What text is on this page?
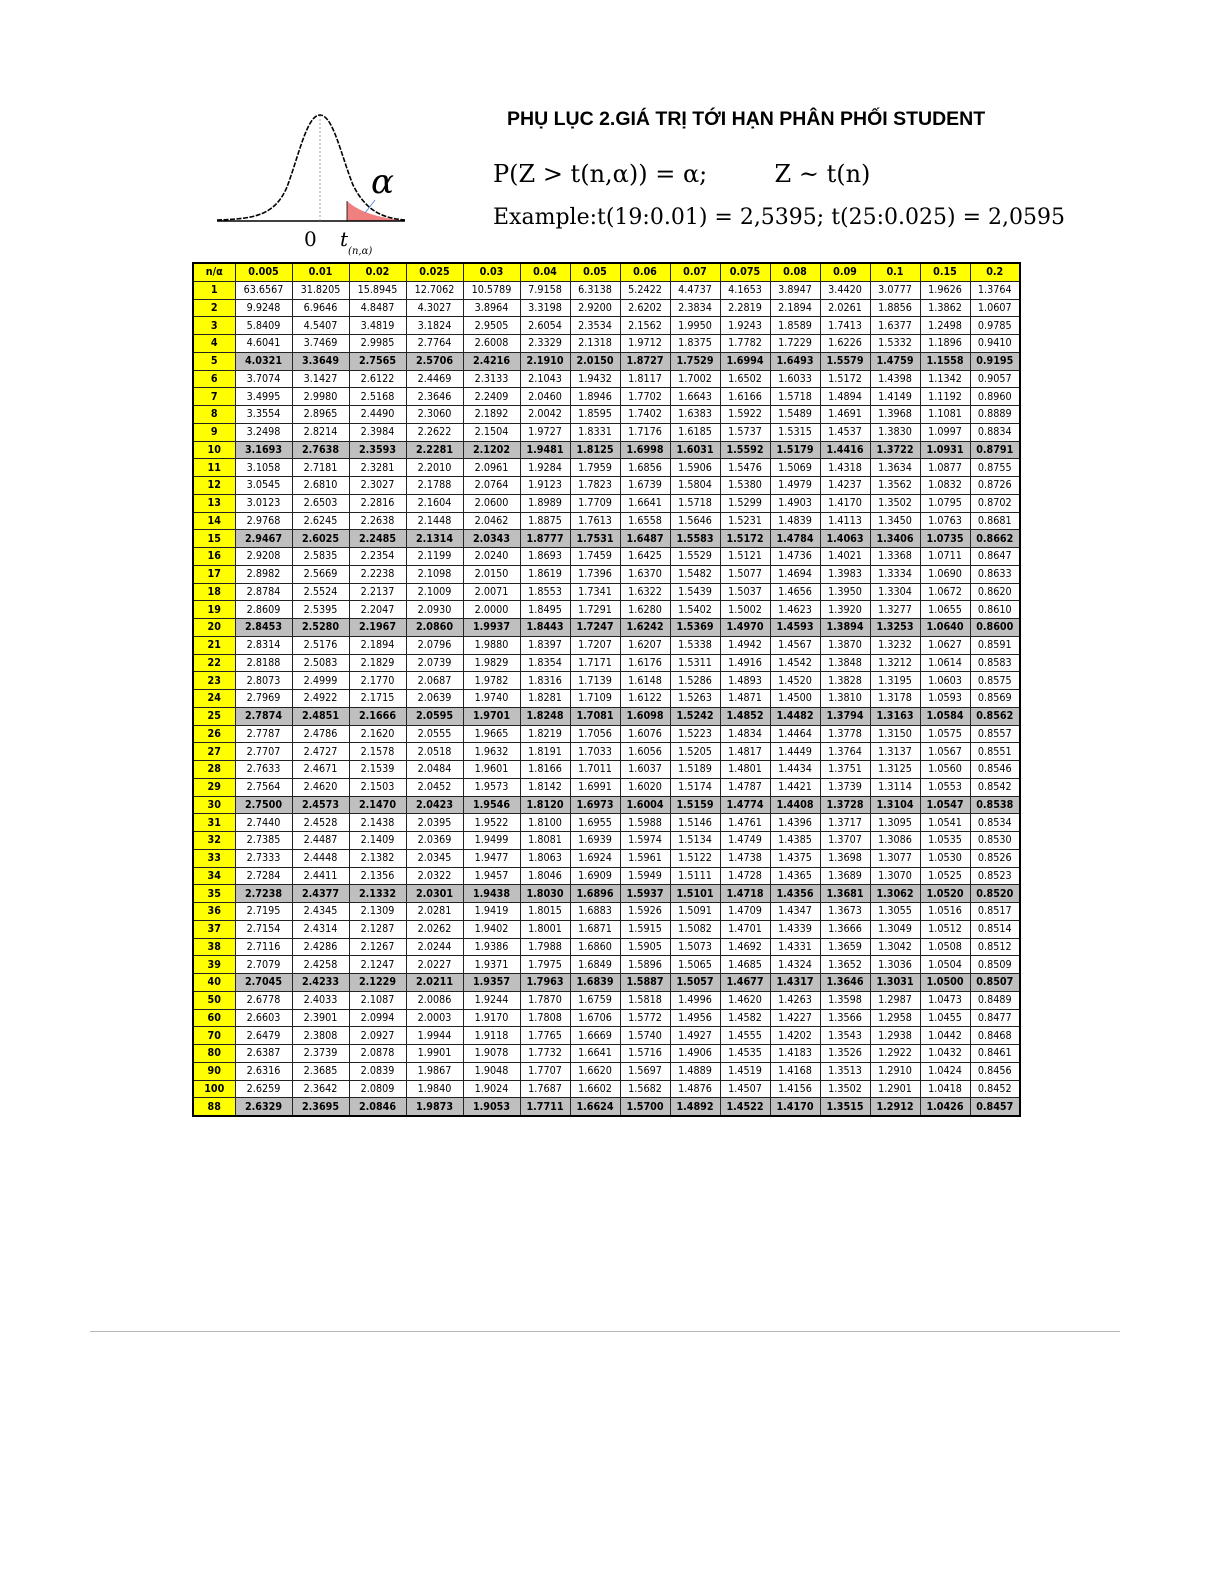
α
0 $t_{(n,\alpha)}$
PHỤ LỤC 2.GIÁ TRỊ TỚI HẠN PHÂN PHỐI STUDENT
P(Z > t(n,α)) = α;	Z ~ t(n)
Example:t(19:0.01) = 2,5395; t(25:0.025) = 2,0595
n/α	0.005	0.01	0.02	0.025	0.03	0.04	0.05	0.06	0.07	0.075	0.08	0.09	0.1	0.15	0.2
1	63.6567	31.8205	15.8945	12.7062	10.5789	7.9158	6.3138	5.2422	4.4737	4.1653	3.8947	3.4420	3.0777	1.9626	1.3764
2	9.9248	6.9646	4.8487	4.3027	3.8964	3.3198	2.9200	2.6202	2.3834	2.2819	2.1894	2.0261	1.8856	1.3862	1.0607
3	5.8409	4.5407	3.4819	3.1824	2.9505	2.6054	2.3534	2.1562	1.9950	1.9243	1.8589	1.7413	1.6377	1.2498	0.9785
4	4.6041	3.7469	2.9985	2.7764	2.6008	2.3329	2.1318	1.9712	1.8375	1.7782	1.7229	1.6226	1.5332	1.1896	0.9410
5	4.0321	3.3649	2.7565	2.5706	2.4216	2.1910	2.0150	1.8727	1.7529	1.6994	1.6493	1.5579	1.4759	1.1558	0.9195
6	3.7074	3.1427	2.6122	2.4469	2.3133	2.1043	1.9432	1.8117	1.7002	1.6502	1.6033	1.5172	1.4398	1.1342	0.9057
7	3.4995	2.9980	2.5168	2.3646	2.2409	2.0460	1.8946	1.7702	1.6643	1.6166	1.5718	1.4894	1.4149	1.1192	0.8960
8	3.3554	2.8965	2.4490	2.3060	2.1892	2.0042	1.8595	1.7402	1.6383	1.5922	1.5489	1.4691	1.3968	1.1081	0.8889
9	3.2498	2.8214	2.3984	2.2622	2.1504	1.9727	1.8331	1.7176	1.6185	1.5737	1.5315	1.4537	1.3830	1.0997	0.8834
10	3.1693	2.7638	2.3593	2.2281	2.1202	1.9481	1.8125	1.6998	1.6031	1.5592	1.5179	1.4416	1.3722	1.0931	0.8791
11	3.1058	2.7181	2.3281	2.2010	2.0961	1.9284	1.7959	1.6856	1.5906	1.5476	1.5069	1.4318	1.3634	1.0877	0.8755
12	3.0545	2.6810	2.3027	2.1788	2.0764	1.9123	1.7823	1.6739	1.5804	1.5380	1.4979	1.4237	1.3562	1.0832	0.8726
13	3.0123	2.6503	2.2816	2.1604	2.0600	1.8989	1.7709	1.6641	1.5718	1.5299	1.4903	1.4170	1.3502	1.0795	0.8702
14	2.9768	2.6245	2.2638	2.1448	2.0462	1.8875	1.7613	1.6558	1.5646	1.5231	1.4839	1.4113	1.3450	1.0763	0.8681
15	2.9467	2.6025	2.2485	2.1314	2.0343	1.8777	1.7531	1.6487	1.5583	1.5172	1.4784	1.4063	1.3406	1.0735	0.8662
16	2.9208	2.5835	2.2354	2.1199	2.0240	1.8693	1.7459	1.6425	1.5529	1.5121	1.4736	1.4021	1.3368	1.0711	0.8647
17	2.8982	2.5669	2.2238	2.1098	2.0150	1.8619	1.7396	1.6370	1.5482	1.5077	1.4694	1.3983	1.3334	1.0690	0.8633
18	2.8784	2.5524	2.2137	2.1009	2.0071	1.8553	1.7341	1.6322	1.5439	1.5037	1.4656	1.3950	1.3304	1.0672	0.8620
19	2.8609	2.5395	2.2047	2.0930	2.0000	1.8495	1.7291	1.6280	1.5402	1.5002	1.4623	1.3920	1.3277	1.0655	0.8610
20	2.8453	2.5280	2.1967	2.0860	1.9937	1.8443	1.7247	1.6242	1.5369	1.4970	1.4593	1.3894	1.3253	1.0640	0.8600
21	2.8314	2.5176	2.1894	2.0796	1.9880	1.8397	1.7207	1.6207	1.5338	1.4942	1.4567	1.3870	1.3232	1.0627	0.8591
22	2.8188	2.5083	2.1829	2.0739	1.9829	1.8354	1.7171	1.6176	1.5311	1.4916	1.4542	1.3848	1.3212	1.0614	0.8583
23	2.8073	2.4999	2.1770	2.0687	1.9782	1.8316	1.7139	1.6148	1.5286	1.4893	1.4520	1.3828	1.3195	1.0603	0.8575
24	2.7969	2.4922	2.1715	2.0639	1.9740	1.8281	1.7109	1.6122	1.5263	1.4871	1.4500	1.3810	1.3178	1.0593	0.8569
25	2.7874	2.4851	2.1666	2.0595	1.9701	1.8248	1.7081	1.6098	1.5242	1.4852	1.4482	1.3794	1.3163	1.0584	0.8562
26	2.7787	2.4786	2.1620	2.0555	1.9665	1.8219	1.7056	1.6076	1.5223	1.4834	1.4464	1.3778	1.3150	1.0575	0.8557
27	2.7707	2.4727	2.1578	2.0518	1.9632	1.8191	1.7033	1.6056	1.5205	1.4817	1.4449	1.3764	1.3137	1.0567	0.8551
28	2.7633	2.4671	2.1539	2.0484	1.9601	1.8166	1.7011	1.6037	1.5189	1.4801	1.4434	1.3751	1.3125	1.0560	0.8546
29	2.7564	2.4620	2.1503	2.0452	1.9573	1.8142	1.6991	1.6020	1.5174	1.4787	1.4421	1.3739	1.3114	1.0553	0.8542
30	2.7500	2.4573	2.1470	2.0423	1.9546	1.8120	1.6973	1.6004	1.5159	1.4774	1.4408	1.3728	1.3104	1.0547	0.8538
31	2.7440	2.4528	2.1438	2.0395	1.9522	1.8100	1.6955	1.5988	1.5146	1.4761	1.4396	1.3717	1.3095	1.0541	0.8534
32	2.7385	2.4487	2.1409	2.0369	1.9499	1.8081	1.6939	1.5974	1.5134	1.4749	1.4385	1.3707	1.3086	1.0535	0.8530
33	2.7333	2.4448	2.1382	2.0345	1.9477	1.8063	1.6924	1.5961	1.5122	1.4738	1.4375	1.3698	1.3077	1.0530	0.8526
34	2.7284	2.4411	2.1356	2.0322	1.9457	1.8046	1.6909	1.5949	1.5111	1.4728	1.4365	1.3689	1.3070	1.0525	0.8523
35	2.7238	2.4377	2.1332	2.0301	1.9438	1.8030	1.6896	1.5937	1.5101	1.4718	1.4356	1.3681	1.3062	1.0520	0.8520
36	2.7195	2.4345	2.1309	2.0281	1.9419	1.8015	1.6883	1.5926	1.5091	1.4709	1.4347	1.3673	1.3055	1.0516	0.8517
37	2.7154	2.4314	2.1287	2.0262	1.9402	1.8001	1.6871	1.5915	1.5082	1.4701	1.4339	1.3666	1.3049	1.0512	0.8514
38	2.7116	2.4286	2.1267	2.0244	1.9386	1.7988	1.6860	1.5905	1.5073	1.4692	1.4331	1.3659	1.3042	1.0508	0.8512
39	2.7079	2.4258	2.1247	2.0227	1.9371	1.7975	1.6849	1.5896	1.5065	1.4685	1.4324	1.3652	1.3036	1.0504	0.8509
40	2.7045	2.4233	2.1229	2.0211	1.9357	1.7963	1.6839	1.5887	1.5057	1.4677	1.4317	1.3646	1.3031	1.0500	0.8507
50	2.6778	2.4033	2.1087	2.0086	1.9244	1.7870	1.6759	1.5818	1.4996	1.4620	1.4263	1.3598	1.2987	1.0473	0.8489
60	2.6603	2.3901	2.0994	2.0003	1.9170	1.7808	1.6706	1.5772	1.4956	1.4582	1.4227	1.3566	1.2958	1.0455	0.8477
70	2.6479	2.3808	2.0927	1.9944	1.9118	1.7765	1.6669	1.5740	1.4927	1.4555	1.4202	1.3543	1.2938	1.0442	0.8468
80	2.6387	2.3739	2.0878	1.9901	1.9078	1.7732	1.6641	1.5716	1.4906	1.4535	1.4183	1.3526	1.2922	1.0432	0.8461
90	2.6316	2.3685	2.0839	1.9867	1.9048	1.7707	1.6620	1.5697	1.4889	1.4519	1.4168	1.3513	1.2910	1.0424	0.8456
100	2.6259	2.3642	2.0809	1.9840	1.9024	1.7687	1.6602	1.5682	1.4876	1.4507	1.4156	1.3502	1.2901	1.0418	0.8452
88	2.6329	2.3695	2.0846	1.9873	1.9053	1.7711	1.6624	1.5700	1.4892	1.4522	1.4170	1.3515	1.2912	1.0426	0.8457
